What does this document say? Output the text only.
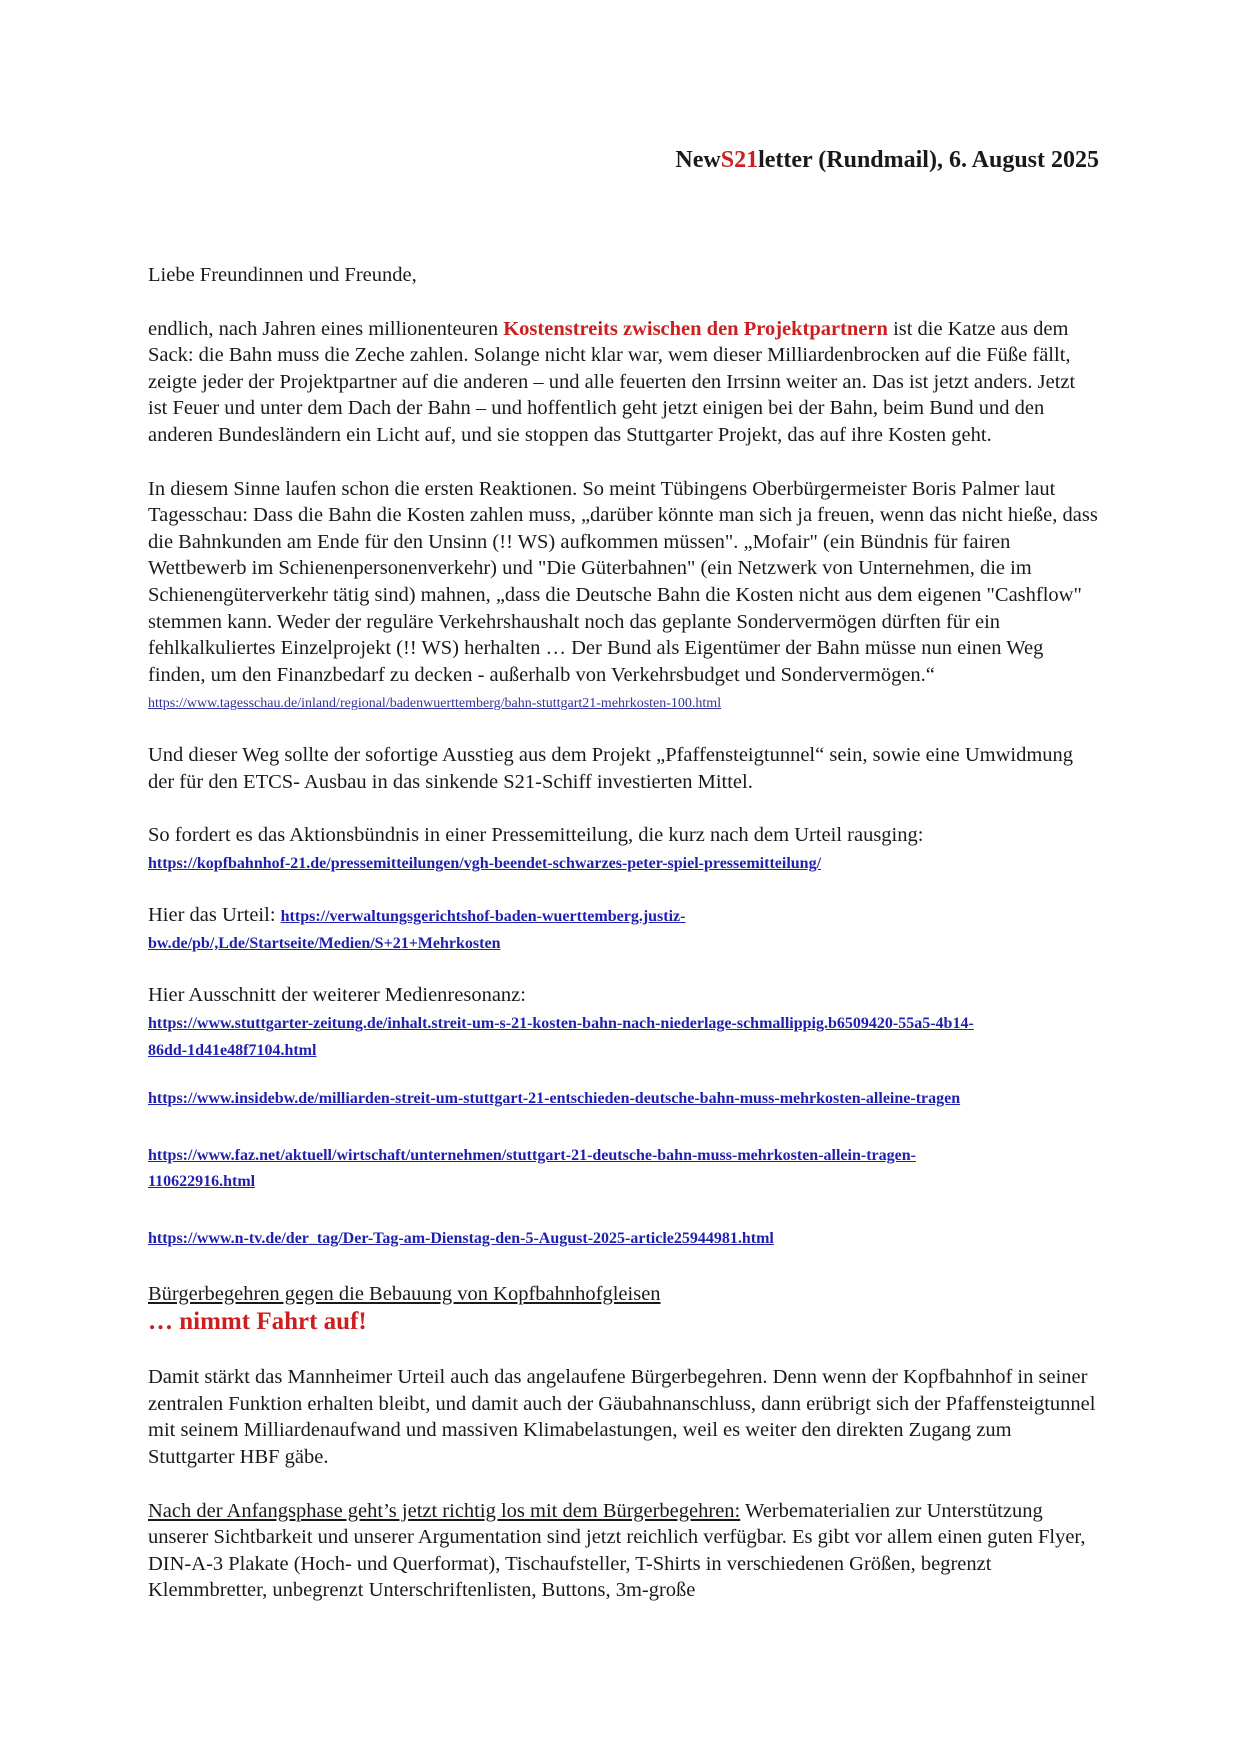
NewS21letter (Rundmail), 6. August 2025

Liebe Freundinnen und Freunde,

endlich, nach Jahren eines millionenteuren Kostenstreits zwischen den Projektpartnern ist die Katze aus dem Sack: die Bahn muss die Zeche zahlen. Solange nicht klar war, wem dieser Milliardenbrocken auf die Füße fällt, zeigte jeder der Projektpartner auf die anderen – und alle feuerten den Irrsinn weiter an. Das ist jetzt anders. Jetzt ist Feuer und unter dem Dach der Bahn – und hoffentlich geht jetzt einigen bei der Bahn, beim Bund und den anderen Bundesländern ein Licht auf, und sie stoppen das Stuttgarter Projekt, das auf ihre Kosten geht.

In diesem Sinne laufen schon die ersten Reaktionen. So meint Tübingens Oberbürgermeister Boris Palmer laut Tagesschau: Dass die Bahn die Kosten zahlen muss, „darüber könnte man sich ja freuen, wenn das nicht hieße, dass die Bahnkunden am Ende für den Unsinn (!! WS) aufkommen müssen". „Mofair" (ein Bündnis für fairen Wettbewerb im Schienenpersonenverkehr) und "Die Güterbahnen" (ein Netzwerk von Unternehmen, die im Schienengüterverkehr tätig sind) mahnen, „dass die Deutsche Bahn die Kosten nicht aus dem eigenen "Cashflow" stemmen kann. Weder der reguläre Verkehrshaushalt noch das geplante Sondervermögen dürften für ein fehlkalkuliertes Einzelprojekt (!! WS) herhalten … Der Bund als Eigentümer der Bahn müsse nun einen Weg finden, um den Finanzbedarf zu decken - außerhalb von Verkehrsbudget und Sondervermögen.“
https://www.tagesschau.de/inland/regional/badenwuerttemberg/bahn-stuttgart21-mehrkosten-100.html

Und dieser Weg sollte der sofortige Ausstieg aus dem Projekt „Pfaffensteigtunnel“ sein, sowie eine Umwidmung der für den ETCS- Ausbau in das sinkende S21-Schiff investierten Mittel.

So fordert es das Aktionsbündnis in einer Pressemitteilung, die kurz nach dem Urteil rausging:
https://kopfbahnhof-21.de/pressemitteilungen/vgh-beendet-schwarzes-peter-spiel-pressemitteilung/

Hier das Urteil: https://verwaltungsgerichtshof-baden-wuerttemberg.justiz-
bw.de/pb/,Lde/Startseite/Medien/S+21+Mehrkosten

Hier Ausschnitt der weiterer Medienresonanz:
https://www.stuttgarter-zeitung.de/inhalt.streit-um-s-21-kosten-bahn-nach-niederlage-schmallippig.b6509420-55a5-4b14-
86dd-1d41e48f7104.html

https://www.insidebw.de/milliarden-streit-um-stuttgart-21-entschieden-deutsche-bahn-muss-mehrkosten-alleine-tragen

https://www.faz.net/aktuell/wirtschaft/unternehmen/stuttgart-21-deutsche-bahn-muss-mehrkosten-allein-tragen-
110622916.html

https://www.n-tv.de/der_tag/Der-Tag-am-Dienstag-den-5-August-2025-article25944981.html

Bürgerbegehren gegen die Bebauung von Kopfbahnhofgleisen

… nimmt Fahrt auf!

Damit stärkt das Mannheimer Urteil auch das angelaufene Bürgerbegehren. Denn wenn der Kopfbahnhof in seiner zentralen Funktion erhalten bleibt, und damit auch der Gäubahnanschluss, dann erübrigt sich der Pfaffensteigtunnel mit seinem Milliardenaufwand und massiven Klimabelastungen, weil es weiter den direkten Zugang zum Stuttgarter HBF gäbe.

Nach der Anfangsphase geht’s jetzt richtig los mit dem Bürgerbegehren: Werbematerialien zur Unterstützung unserer Sichtbarkeit und unserer Argumentation sind jetzt reichlich verfügbar. Es gibt vor allem einen guten Flyer, DIN-A-3 Plakate (Hoch- und Querformat), Tischaufsteller, T-Shirts in verschiedenen Größen, begrenzt Klemmbretter, unbegrenzt Unterschriftenlisten, Buttons, 3m-große
